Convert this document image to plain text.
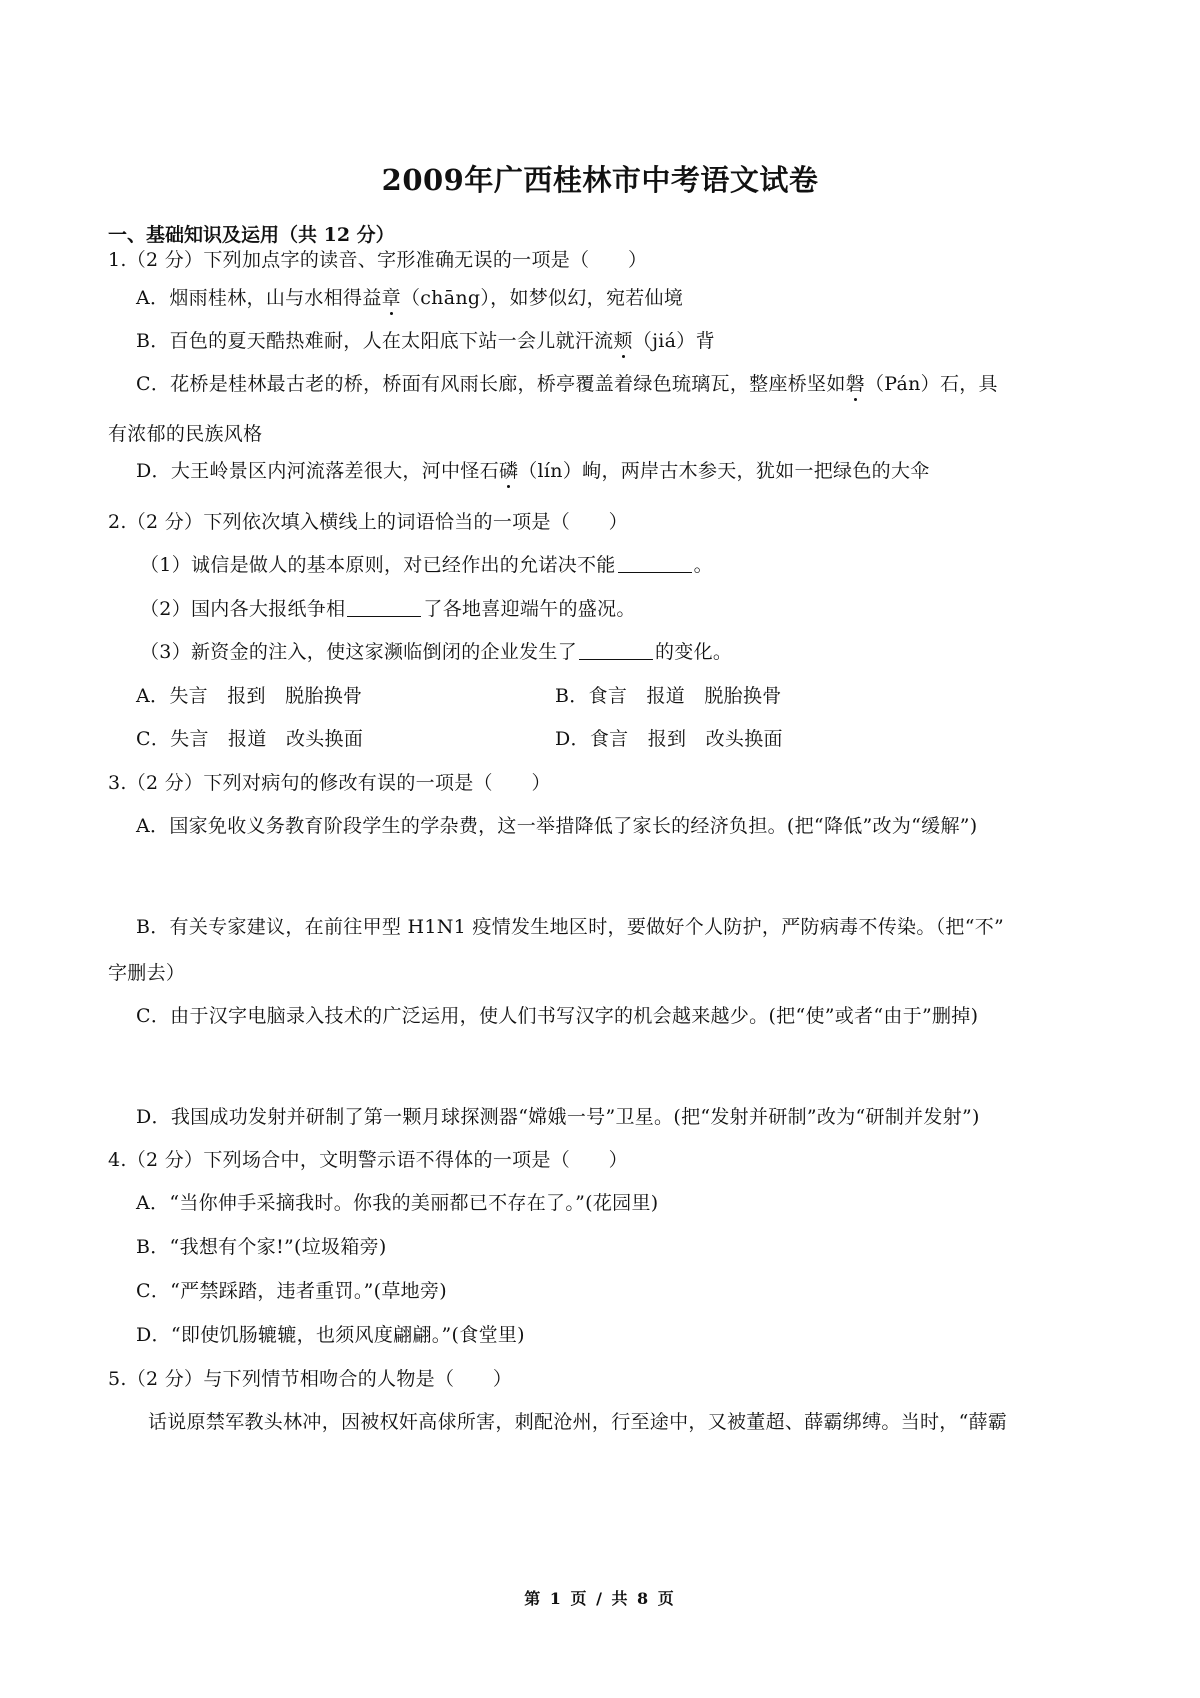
2009年广西桂林市中考语文试卷
一、基础知识及运用（共 12 分）
1.（2 分）下列加点字的读音、字形准确无误的一项是（　　）
A．烟雨桂林，山与水相得益章（chāng），如梦似幻，宛若仙境
B．百色的夏天酷热难耐，人在太阳底下站一会儿就汗流颊（jiá）背
C．花桥是桂林最古老的桥，桥面有风雨长廊，桥亭覆盖着绿色琉璃瓦，整座桥坚如磐（Pán）石，具
有浓郁的民族风格
D．大王岭景区内河流落差很大，河中怪石磷（lín）峋，两岸古木参天，犹如一把绿色的大伞
2.（2 分）下列依次填入横线上的词语恰当的一项是（　　）
（1）诚信是做人的基本原则，对已经作出的允诺决不能	。
（2）国内各大报纸争相	了各地喜迎端午的盛况。
（3）新资金的注入，使这家濒临倒闭的企业发生了	的变化。
A．失言　报到　脱胎换骨	B．食言　报道　脱胎换骨
C．失言　报道　改头换面	D．食言　报到　改头换面
3.（2 分）下列对病句的修改有误的一项是（　　）
A．国家免收义务教育阶段学生的学杂费，这一举措降低了家长的经济负担。(把“降低”改为“缓解”)
B．有关专家建议，在前往甲型 H1N1 疫情发生地区时，要做好个人防护，严防病毒不传染。（把“不”
字删去）
C．由于汉字电脑录入技术的广泛运用，使人们书写汉字的机会越来越少。(把“使”或者“由于”删掉)
D．我国成功发射并研制了第一颗月球探测器“嫦娥一号”卫星。(把“发射并研制”改为“研制并发射”)
4.（2 分）下列场合中，文明警示语不得体的一项是（　　）
A．“当你伸手采摘我时。你我的美丽都已不存在了。”(花园里)
B．“我想有个家!”(垃圾箱旁)
C．“严禁踩踏，违者重罚。”(草地旁)
D．“即使饥肠辘辘，也须风度翩翩。”(食堂里)
5.（2 分）与下列情节相吻合的人物是（　　）
话说原禁军教头林冲，因被权奸高俅所害，刺配沧州，行至途中，又被董超、薛霸绑缚。当时，“薛霸
第 1 页 / 共 8 页
